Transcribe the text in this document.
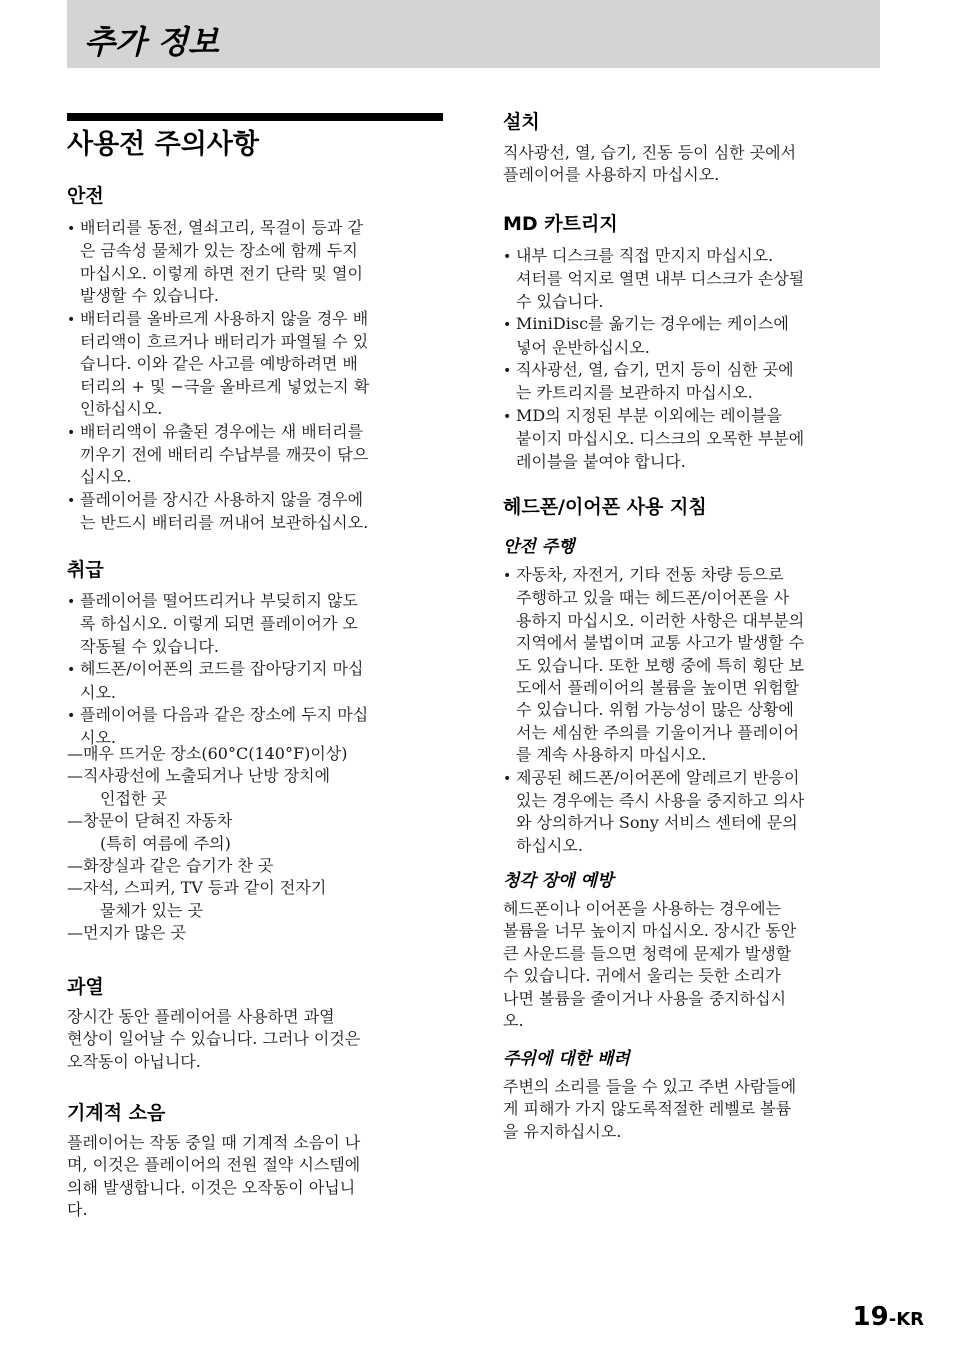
추가 정보
사용전 주의사항
안전
• 배터리를 동전, 열쇠고리, 목걸이 등과 같
은 금속성 물체가 있는 장소에 함께 두지
마십시오. 이렇게 하면 전기 단락 및 열이
발생할 수 있습니다.
• 배터리를 올바르게 사용하지 않을 경우 배
터리액이 흐르거나 배터리가 파열될 수 있
습니다. 이와 같은 사고를 예방하려면 배
터리의 + 및 −극을 올바르게 넣었는지 확
인하십시오.
• 배터리액이 유출된 경우에는 새 배터리를
끼우기 전에 배터리 수납부를 깨끗이 닦으
십시오.
• 플레이어를 장시간 사용하지 않을 경우에
는 반드시 배터리를 꺼내어 보관하십시오.
취급
• 플레이어를 떨어뜨리거나 부딪히지 않도
록 하십시오. 이렇게 되면 플레이어가 오
작동될 수 있습니다.
• 헤드폰/이어폰의 코드를 잡아당기지 마십
시오.
• 플레이어를 다음과 같은 장소에 두지 마십
시오.
—매우 뜨거운 장소(60°C(140°F)이상)
—직사광선에 노출되거나 난방 장치에
인접한 곳
—창문이 닫혀진 자동차
(특히 여름에 주의)
—화장실과 같은 습기가 찬 곳
—자석, 스피커, TV 등과 같이 전자기
물체가 있는 곳
—먼지가 많은 곳
과열
장시간 동안 플레이어를 사용하면 과열
현상이 일어날 수 있습니다. 그러나 이것은
오작동이 아닙니다.
기계적 소음
플레이어는 작동 중일 때 기계적 소음이 나
며, 이것은 플레이어의 전원 절약 시스템에
의해 발생합니다. 이것은 오작동이 아닙니
다.
설치
직사광선, 열, 습기, 진동 등이 심한 곳에서
플레이어를 사용하지 마십시오.
MD 카트리지
• 내부 디스크를 직접 만지지 마십시오.
셔터를 억지로 열면 내부 디스크가 손상될
수 있습니다.
• MiniDisc를 옮기는 경우에는 케이스에
넣어 운반하십시오.
• 직사광선, 열, 습기, 먼지 등이 심한 곳에
는 카트리지를 보관하지 마십시오.
• MD의 지정된 부분 이외에는 레이블을
붙이지 마십시오. 디스크의 오목한 부분에
레이블을 붙여야 합니다.
헤드폰/이어폰 사용 지침
안전 주행
• 자동차, 자전거, 기타 전동 차량 등으로
주행하고 있을 때는 헤드폰/이어폰을 사
용하지 마십시오. 이러한 사항은 대부분의
지역에서 불법이며 교통 사고가 발생할 수
도 있습니다. 또한 보행 중에 특히 횡단 보
도에서 플레이어의 볼륨을 높이면 위험할
수 있습니다. 위험 가능성이 많은 상황에
서는 세심한 주의를 기울이거나 플레이어
를 계속 사용하지 마십시오.
• 제공된 헤드폰/이어폰에 알레르기 반응이
있는 경우에는 즉시 사용을 중지하고 의사
와 상의하거나 Sony 서비스 센터에 문의
하십시오.
청각 장애 예방
헤드폰이나 이어폰을 사용하는 경우에는
볼륨을 너무 높이지 마십시오. 장시간 동안
큰 사운드를 들으면 청력에 문제가 발생할
수 있습니다. 귀에서 울리는 듯한 소리가
나면 볼륨을 줄이거나 사용을 중지하십시
오.
주위에 대한 배려
주변의 소리를 들을 수 있고 주변 사람들에
게 피해가 가지 않도록적절한 레벨로 볼륨
을 유지하십시오.
19-KR
